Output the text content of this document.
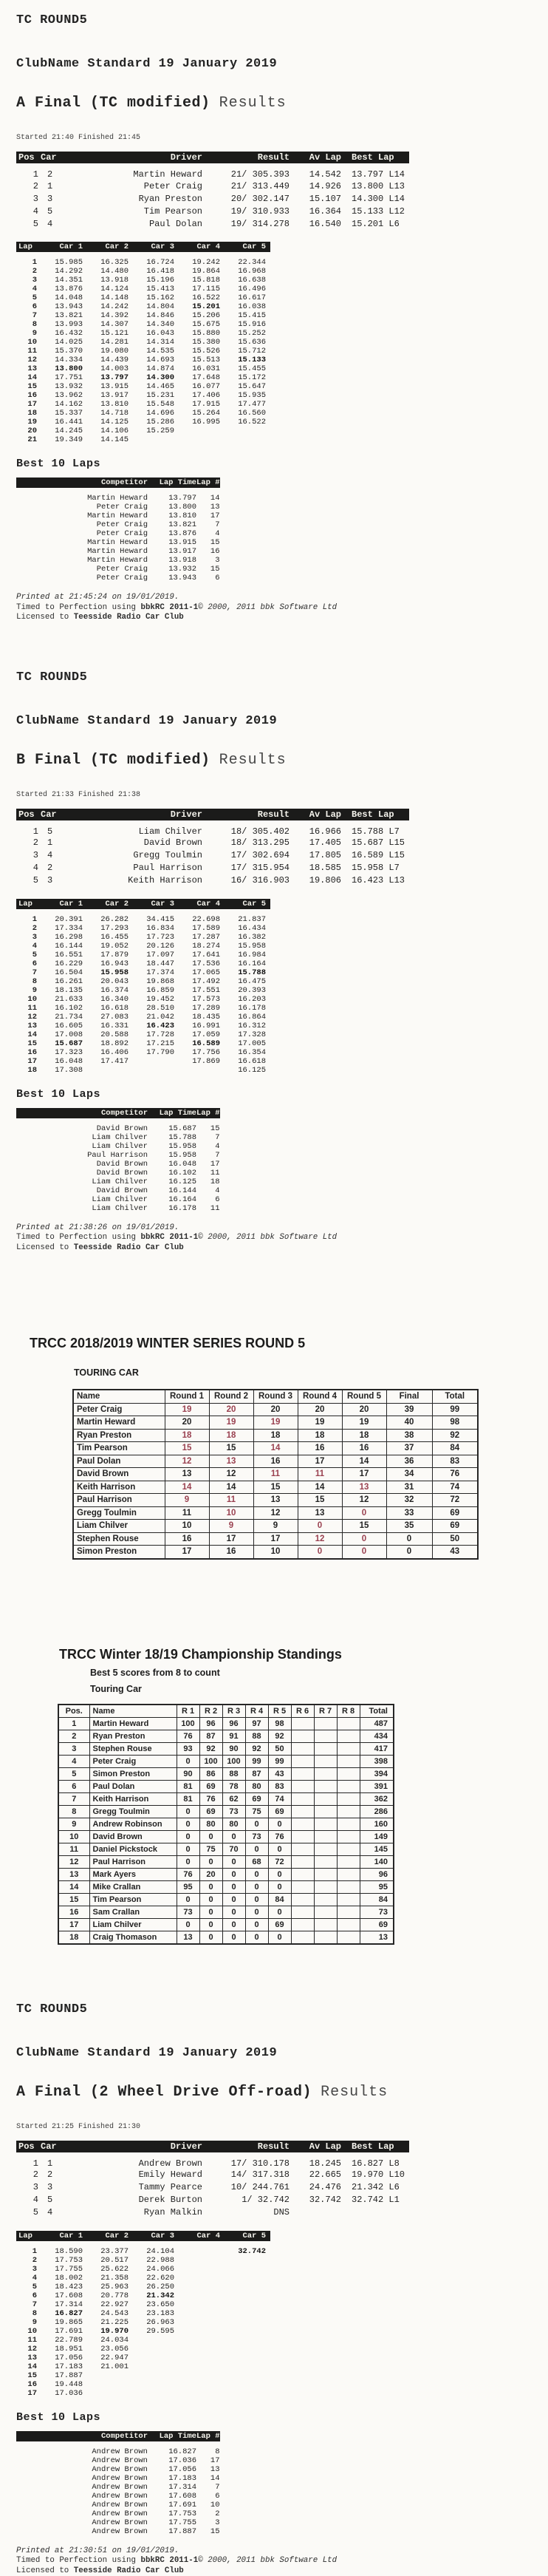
TC ROUND5
ClubName Standard 19 January 2019
A Final (TC modified) Results
Started 21:40 Finished 21:45
Pos	Car	Driver	Result	Av Lap	Best Lap
1	2	Martin Heward	21/ 305.393	14.542	13.797 L14
2	1	Peter Craig	21/ 313.449	14.926	13.800 L13
3	3	Ryan Preston	20/ 302.147	15.107	14.300 L14
4	5	Tim Pearson	19/ 310.933	16.364	15.133 L12
5	4	Paul Dolan	19/ 314.278	16.540	15.201 L6
Lap	Car 1	Car 2	Car 3	Car 4	Car 5
1	15.985	16.325	16.724	19.242	22.344
2	14.292	14.480	16.418	19.864	16.968
3	14.351	13.918	15.196	15.818	16.638
4	13.876	14.124	15.413	17.115	16.496
5	14.048	14.148	15.162	16.522	16.617
6	13.943	14.242	14.804	15.201	16.038
7	13.821	14.392	14.846	15.206	15.415
8	13.993	14.307	14.340	15.675	15.916
9	16.432	15.121	16.043	15.880	15.252
10	14.025	14.281	14.314	15.380	15.636
11	15.370	19.080	14.535	15.526	15.712
12	14.334	14.439	14.693	15.513	15.133
13	13.800	14.003	14.874	16.031	15.455
14	17.751	13.797	14.300	17.648	15.172
15	13.932	13.915	14.465	16.077	15.647
16	13.962	13.917	15.231	17.406	15.935
17	14.162	13.810	15.548	17.915	17.477
18	15.337	14.718	14.696	15.264	16.560
19	16.441	14.125	15.286	16.995	16.522
20	14.245	14.106	15.259		
21	19.349	14.145			
Best 10 Laps
Competitor	Lap Time	Lap #
Martin Heward	13.797	14
Peter Craig	13.800	13
Martin Heward	13.810	17
Peter Craig	13.821	7
Peter Craig	13.876	4
Martin Heward	13.915	15
Martin Heward	13.917	16
Martin Heward	13.918	3
Peter Craig	13.932	15
Peter Craig	13.943	6
Printed at 21:45:24 on 19/01/2019.
Timed to Perfection using bbkRC 2011-1© 2000, 2011 bbk Software Ltd
Licensed to Teesside Radio Car Club
TC ROUND5
ClubName Standard 19 January 2019
B Final (TC modified) Results
Started 21:33 Finished 21:38
Pos	Car	Driver	Result	Av Lap	Best Lap
1	5	Liam Chilver	18/ 305.402	16.966	15.788 L7
2	1	David Brown	18/ 313.295	17.405	15.687 L15
3	4	Gregg Toulmin	17/ 302.694	17.805	16.589 L15
4	2	Paul Harrison	17/ 315.954	18.585	15.958 L7
5	3	Keith Harrison	16/ 316.903	19.806	16.423 L13
Lap	Car 1	Car 2	Car 3	Car 4	Car 5
1	20.391	26.282	34.415	22.698	21.837
2	17.334	17.293	16.834	17.589	16.434
3	16.298	16.455	17.723	17.287	16.382
4	16.144	19.052	20.126	18.274	15.958
5	16.551	17.879	17.097	17.641	16.984
6	16.229	16.943	18.447	17.536	16.164
7	16.504	15.958	17.374	17.065	15.788
8	16.261	20.043	19.868	17.492	16.475
9	18.135	16.374	16.859	17.551	20.393
10	21.633	16.340	19.452	17.573	16.203
11	16.102	16.618	28.510	17.289	16.178
12	21.734	27.083	21.042	18.435	16.864
13	16.605	16.331	16.423	16.991	16.312
14	17.008	20.588	17.728	17.059	17.328
15	15.687	18.892	17.215	16.589	17.005
16	17.323	16.406	17.790	17.756	16.354
17	16.048	17.417		17.869	16.618
18	17.308				16.125
Best 10 Laps
Competitor	Lap Time	Lap #
David Brown	15.687	15
Liam Chilver	15.788	7
Liam Chilver	15.958	4
Paul Harrison	15.958	7
David Brown	16.048	17
David Brown	16.102	11
Liam Chilver	16.125	18
David Brown	16.144	4
Liam Chilver	16.164	6
Liam Chilver	16.178	11
Printed at 21:38:26 on 19/01/2019.
Timed to Perfection using bbkRC 2011-1© 2000, 2011 bbk Software Ltd
Licensed to Teesside Radio Car Club
TRCC 2018/2019 WINTER SERIES ROUND 5
TOURING CAR
Name	Round 1	Round 2	Round 3	Round 4	Round 5	Final	Total
Peter Craig	19	20	20	20	20	39	99
Martin Heward	20	19	19	19	19	40	98
Ryan Preston	18	18	18	18	18	38	92
Tim Pearson	15	15	14	16	16	37	84
Paul Dolan	12	13	16	17	14	36	83
David Brown	13	12	11	11	17	34	76
Keith Harrison	14	14	15	14	13	31	74
Paul Harrison	9	11	13	15	12	32	72
Gregg Toulmin	11	10	12	13	0	33	69
Liam Chilver	10	9	9	0	15	35	69
Stephen Rouse	16	17	17	12	0	0	50
Simon Preston	17	16	10	0	0	0	43
TRCC Winter 18/19 Championship Standings
Best 5 scores from 8 to count
Touring Car
Pos.	Name	R 1	R 2	R 3	R 4	R 5	R 6	R 7	R 8	Total
1	Martin Heward	100	96	96	97	98				487
2	Ryan Preston	76	87	91	88	92				434
3	Stephen Rouse	93	92	90	92	50				417
4	Peter Craig	0	100	100	99	99				398
5	Simon Preston	90	86	88	87	43				394
6	Paul Dolan	81	69	78	80	83				391
7	Keith Harrison	81	76	62	69	74				362
8	Gregg Toulmin	0	69	73	75	69				286
9	Andrew Robinson	0	80	80	0	0				160
10	David Brown	0	0	0	73	76				149
11	Daniel Pickstock	0	75	70	0	0				145
12	Paul Harrison	0	0	0	68	72				140
13	Mark Ayers	76	20	0	0	0				96
14	Mike Crallan	95	0	0	0	0				95
15	Tim Pearson	0	0	0	0	84				84
16	Sam Crallan	73	0	0	0	0				73
17	Liam Chilver	0	0	0	0	69				69
18	Craig Thomason	13	0	0	0	0				13
TC ROUND5
ClubName Standard 19 January 2019
A Final (2 Wheel Drive Off-road) Results
Started 21:25 Finished 21:30
Pos	Car	Driver	Result	Av Lap	Best Lap
1	1	Andrew Brown	17/ 310.178	18.245	16.827 L8
2	2	Emily Heward	14/ 317.318	22.665	19.970 L10
3	3	Tammy Pearce	10/ 244.761	24.476	21.342 L6
4	5	Derek Burton	1/ 32.742	32.742	32.742 L1
5	4	Ryan Malkin	DNS		
Lap	Car 1	Car 2	Car 3	Car 4	Car 5
1	18.590	23.377	24.104		32.742
2	17.753	20.517	22.988		
3	17.755	25.622	24.066		
4	18.002	21.358	22.620		
5	18.423	25.963	26.250		
6	17.608	20.778	21.342		
7	17.314	22.927	23.650		
8	16.827	24.543	23.183		
9	19.865	21.225	26.963		
10	17.691	19.970	29.595		
11	22.789	24.034			
12	18.951	23.056			
13	17.056	22.947			
14	17.183	21.001			
15	17.887				
16	19.448				
17	17.036				
Best 10 Laps
Competitor	Lap Time	Lap #
Andrew Brown	16.827	8
Andrew Brown	17.036	17
Andrew Brown	17.056	13
Andrew Brown	17.183	14
Andrew Brown	17.314	7
Andrew Brown	17.608	6
Andrew Brown	17.691	10
Andrew Brown	17.753	2
Andrew Brown	17.755	3
Andrew Brown	17.887	15
Printed at 21:30:51 on 19/01/2019.
Timed to Perfection using bbkRC 2011-1© 2000, 2011 bbk Software Ltd
Licensed to Teesside Radio Car Club
